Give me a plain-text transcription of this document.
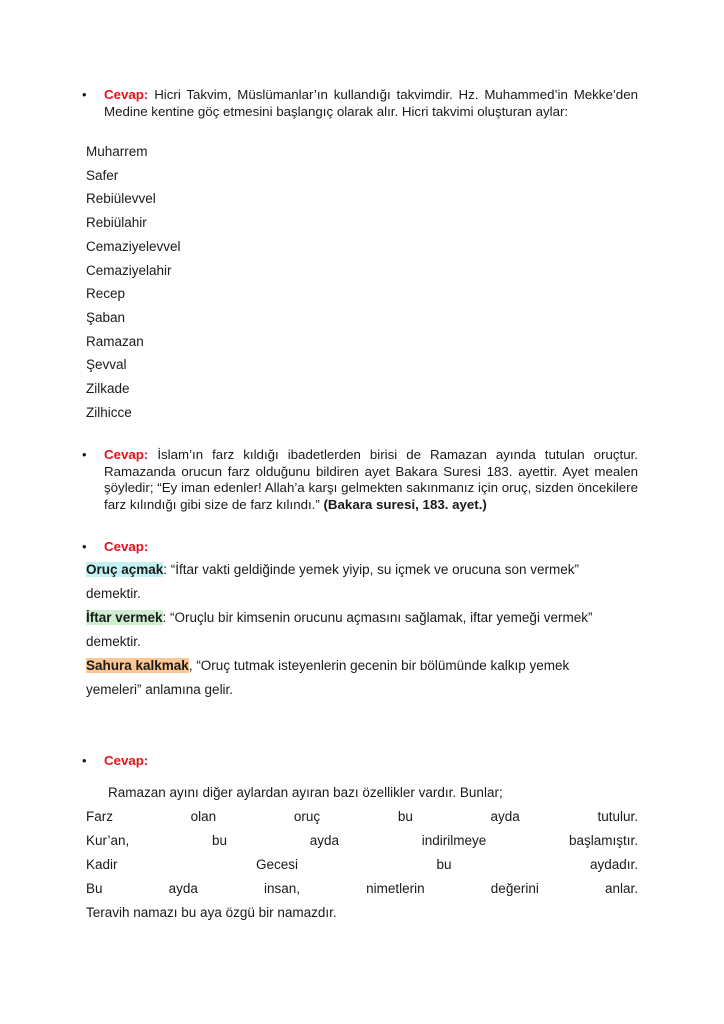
• Cevap: Hicri Takvim, Müslümanlar’ın kullandığı takvimdir. Hz. Muhammed’in Mekke’den Medine kentine göç etmesini başlangıç olarak alır. Hicri takvimi oluşturan aylar:
Muharrem
Safer
Rebiülevvel
Rebiülahir
Cemaziyelevvel
Cemaziyelahir
Recep
Şaban
Ramazan
Şevval
Zilkade
Zilhicce
• Cevap: İslam’ın farz kıldığı ibadetlerden birisi de Ramazan ayında tutulan oruçtur. Ramazanda orucun farz olduğunu bildiren ayet Bakara Suresi 183. ayettir. Ayet mealen şöyledir; “Ey iman edenler! Allah’a karşı gelmekten sakınmanız için oruç, sizden öncekilere farz kılındığı gibi size de farz kılındı.” (Bakara suresi, 183. ayet.)
• Cevap:
Oruç açmak: “İftar vakti geldiğinde yemek yiyip, su içmek ve orucuna son vermek”
demektir.
İftar vermek: “Oruçlu bir kimsenin orucunu açmasını sağlamak, iftar yemeği vermek”
demektir.
Sahura kalkmak, “Oruç tutmak isteyenlerin gecenin bir bölümünde kalkıp yemek
yemeleri” anlamına gelir.
• Cevap:
Ramazan ayını diğer aylardan ayıran bazı özellikler vardır. Bunlar;
Farz	olan	oruç	bu	ayda	tutulur.
Kur’an,	bu	ayda	indirilmeye	başlamıştır.
Kadir	Gecesi	bu	aydadır.
Bu	ayda	insan,	nimetlerin	değerini	anlar.
Teravih namazı bu aya özgü bir namazdır.
